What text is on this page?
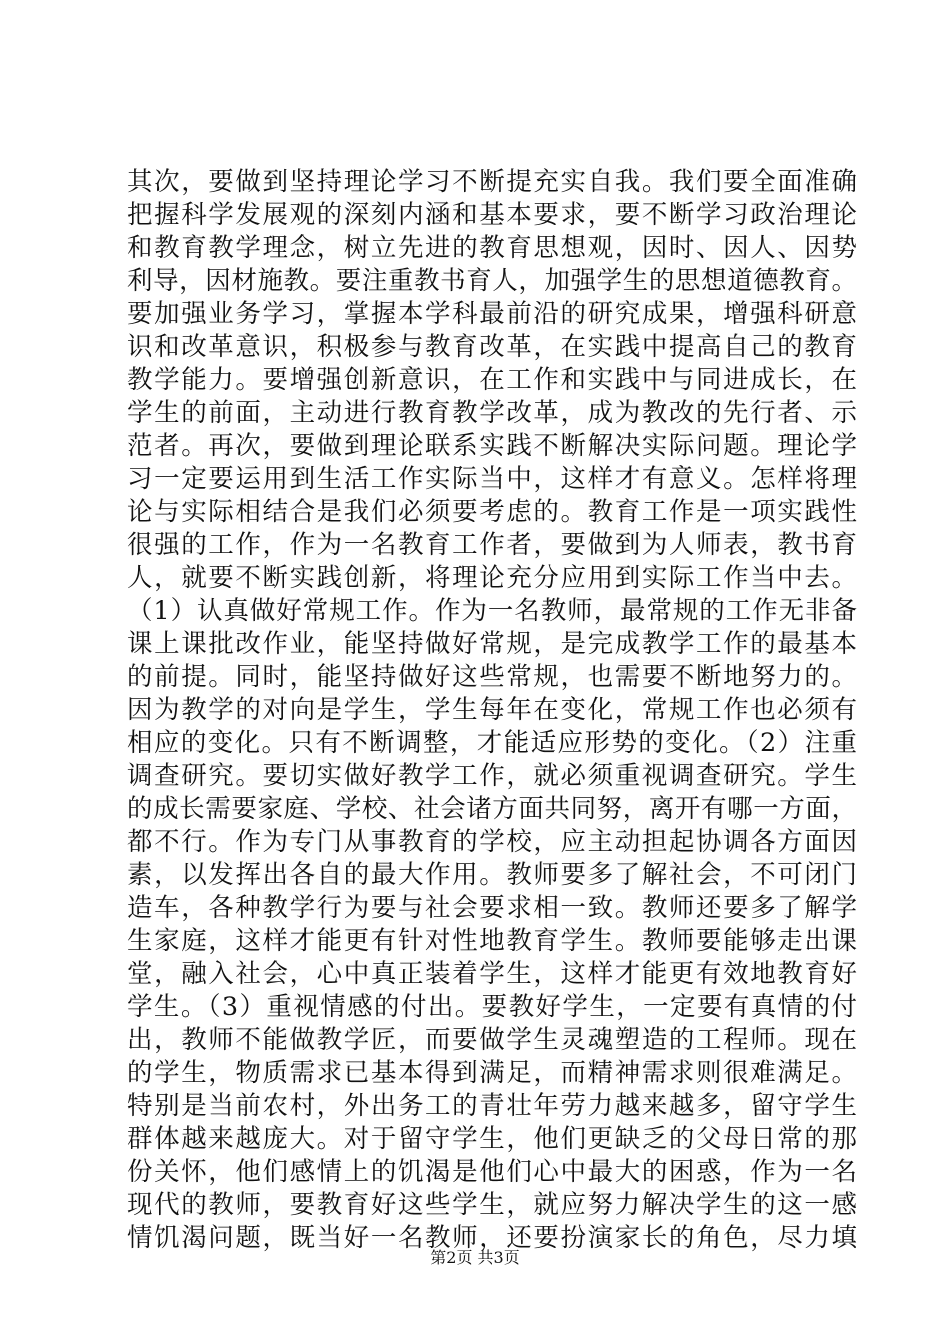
其次，要做到坚持理论学习不断提充实自我。我们要全面准确
把握科学发展观的深刻内涵和基本要求，要不断学习政治理论
和教育教学理念，树立先进的教育思想观，因时、因人、因势
利导，因材施教。要注重教书育人，加强学生的思想道德教育。
要加强业务学习，掌握本学科最前沿的研究成果，增强科研意
识和改革意识，积极参与教育改革，在实践中提高自己的教育
教学能力。要增强创新意识，在工作和实践中与同进成长，在
学生的前面，主动进行教育教学改革，成为教改的先行者、示
范者。再次，要做到理论联系实践不断解决实际问题。理论学
习一定要运用到生活工作实际当中，这样才有意义。怎样将理
论与实际相结合是我们必须要考虑的。教育工作是一项实践性
很强的工作，作为一名教育工作者，要做到为人师表，教书育
人，就要不断实践创新，将理论充分应用到实际工作当中去。
（1）认真做好常规工作。作为一名教师，最常规的工作无非备
课上课批改作业，能坚持做好常规，是完成教学工作的最基本
的前提。同时，能坚持做好这些常规，也需要不断地努力的。
因为教学的对向是学生，学生每年在变化，常规工作也必须有
相应的变化。只有不断调整，才能适应形势的变化。（2）注重
调查研究。要切实做好教学工作，就必须重视调查研究。学生
的成长需要家庭、学校、社会诸方面共同努，离开有哪一方面，
都不行。作为专门从事教育的学校，应主动担起协调各方面因
素，以发挥出各自的最大作用。教师要多了解社会，不可闭门
造车，各种教学行为要与社会要求相一致。教师还要多了解学
生家庭，这样才能更有针对性地教育学生。教师要能够走出课
堂，融入社会，心中真正装着学生，这样才能更有效地教育好
学生。（3）重视情感的付出。要教好学生，一定要有真情的付
出，教师不能做教学匠，而要做学生灵魂塑造的工程师。现在
的学生，物质需求已基本得到满足，而精神需求则很难满足。
特别是当前农村，外出务工的青壮年劳力越来越多，留守学生
群体越来越庞大。对于留守学生，他们更缺乏的父母日常的那
份关怀，他们感情上的饥渴是他们心中最大的困惑，作为一名
现代的教师，要教育好这些学生，就应努力解决学生的这一感
情饥渴问题，既当好一名教师，还要扮演家长的角色，尽力填
第2页 共3页
